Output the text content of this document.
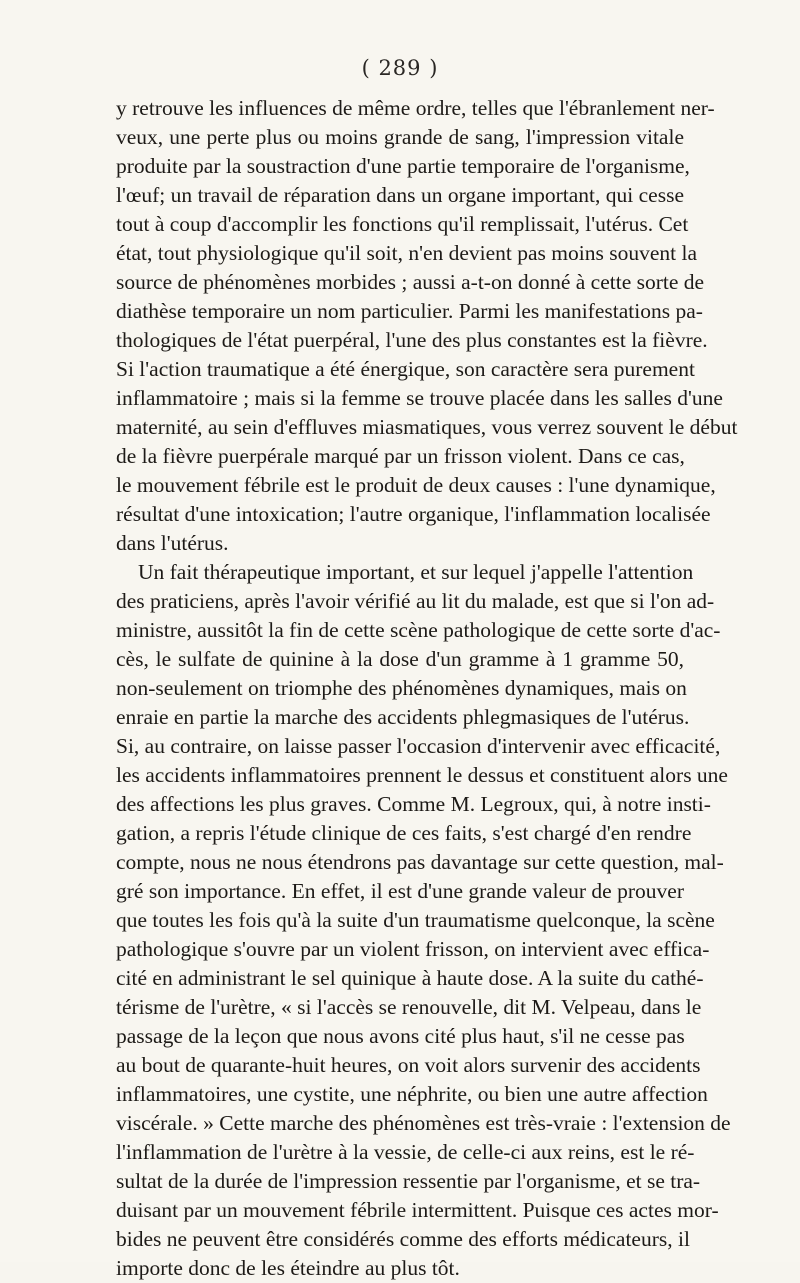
( 289 )
y retrouve les influences de même ordre, telles que l'ébranlement ner-
veux, une perte plus ou moins grande de sang, l'impression vitale
produite par la soustraction d'une partie temporaire de l'organisme,
l'œuf; un travail de réparation dans un organe important, qui cesse
tout à coup d'accomplir les fonctions qu'il remplissait, l'utérus. Cet
état, tout physiologique qu'il soit, n'en devient pas moins souvent la
source de phénomènes morbides ; aussi a-t-on donné à cette sorte de
diathèse temporaire un nom particulier. Parmi les manifestations pa-
thologiques de l'état puerpéral, l'une des plus constantes est la fièvre.
Si l'action traumatique a été énergique, son caractère sera purement
inflammatoire ; mais si la femme se trouve placée dans les salles d'une
maternité, au sein d'effluves miasmatiques, vous verrez souvent le début
de la fièvre puerpérale marqué par un frisson violent. Dans ce cas,
le mouvement fébrile est le produit de deux causes : l'une dynamique,
résultat d'une intoxication; l'autre organique, l'inflammation localisée
dans l'utérus.
Un fait thérapeutique important, et sur lequel j'appelle l'attention
des praticiens, après l'avoir vérifié au lit du malade, est que si l'on ad-
ministre, aussitôt la fin de cette scène pathologique de cette sorte d'ac-
cès, le sulfate de quinine à la dose d'un gramme à 1 gramme 50,
non-seulement on triomphe des phénomènes dynamiques, mais on
enraie en partie la marche des accidents phlegmasiques de l'utérus.
Si, au contraire, on laisse passer l'occasion d'intervenir avec efficacité,
les accidents inflammatoires prennent le dessus et constituent alors une
des affections les plus graves. Comme M. Legroux, qui, à notre insti-
gation, a repris l'étude clinique de ces faits, s'est chargé d'en rendre
compte, nous ne nous étendrons pas davantage sur cette question, mal-
gré son importance. En effet, il est d'une grande valeur de prouver
que toutes les fois qu'à la suite d'un traumatisme quelconque, la scène
pathologique s'ouvre par un violent frisson, on intervient avec effica-
cité en administrant le sel quinique à haute dose. A la suite du cathé-
térisme de l'urètre, « si l'accès se renouvelle, dit M. Velpeau, dans le
passage de la leçon que nous avons cité plus haut, s'il ne cesse pas
au bout de quarante-huit heures, on voit alors survenir des accidents
inflammatoires, une cystite, une néphrite, ou bien une autre affection
viscérale. » Cette marche des phénomènes est très-vraie : l'extension de
l'inflammation de l'urètre à la vessie, de celle-ci aux reins, est le ré-
sultat de la durée de l'impression ressentie par l'organisme, et se tra-
duisant par un mouvement fébrile intermittent. Puisque ces actes mor-
bides ne peuvent être considérés comme des efforts médicateurs, il
importe donc de les éteindre au plus tôt.
